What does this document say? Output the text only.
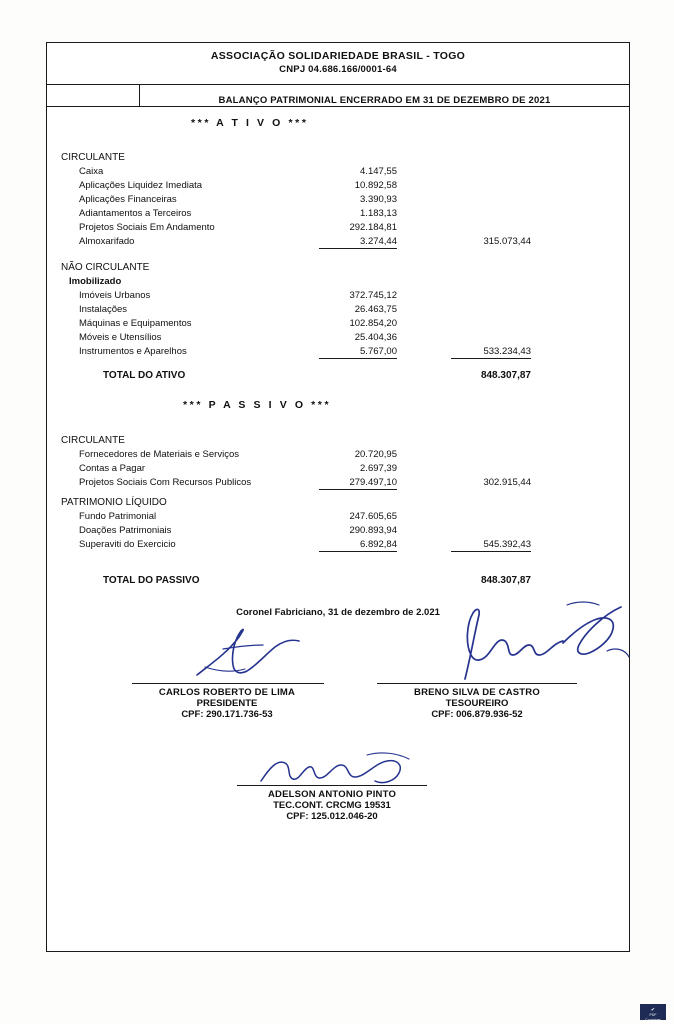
ASSOCIAÇÃO SOLIDARIEDADE BRASIL - TOGO
CNPJ 04.686.166/0001-64
BALANÇO PATRIMONIAL ENCERRADO EM 31 DE DEZEMBRO DE 2021
*** A T I V O ***
CIRCULANTE
Caixa	4.147,55
Aplicações Liquidez Imediata	10.892,58
Aplicações Financeiras	3.390,93
Adiantamentos a Terceiros	1.183,13
Projetos Sociais Em Andamento	292.184,81
Almoxarifado	3.274,44	315.073,44
NÃO CIRCULANTE
Imobilizado
Imóveis Urbanos	372.745,12
Instalações	26.463,75
Máquinas e Equipamentos	102.854,20
Móveis e Utensílios	25.404,36
Instrumentos e Aparelhos	5.767,00	533.234,43
TOTAL DO ATIVO	848.307,87
*** P A S S I V O ***
CIRCULANTE
Fornecedores de Materiais e Serviços	20.720,95
Contas a Pagar	2.697,39
Projetos Sociais Com Recursos Publicos	279.497,10	302.915,44
PATRIMONIO LÍQUIDO
Fundo Patrimonial	247.605,65
Doações Patrimoniais	290.893,94
Superaviti do Exercicio	6.892,84	545.392,43
TOTAL DO PASSIVO	848.307,87
Coronel Fabriciano, 31 de dezembro de 2.021
CARLOS ROBERTO DE LIMA
PRESIDENTE
CPF: 290.171.736-53
BRENO SILVA DE CASTRO
TESOUREIRO
CPF: 006.879.936-52
ADELSON ANTONIO PINTO
TEC.CONT. CRCMG 19531
CPF: 125.012.046-20
✔
PDF
Container
